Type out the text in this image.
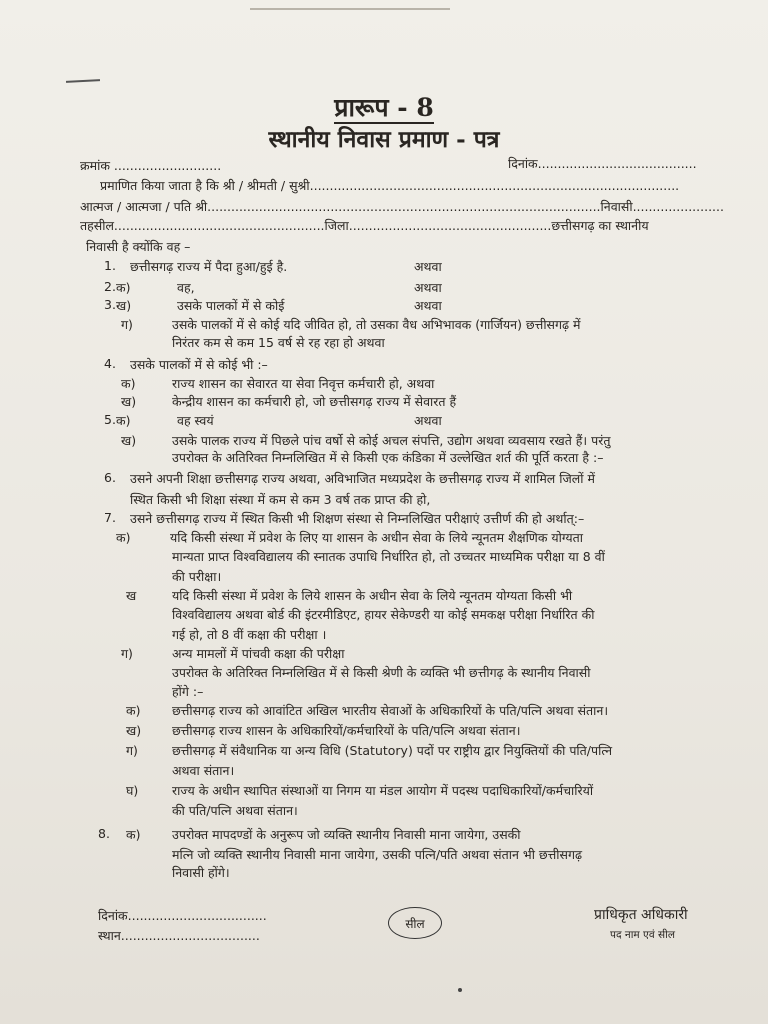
प्रारूप - 8
स्थानीय निवास प्रमाण - पत्र
क्रमांक ...........................	दिनांक........................................
प्रमाणित किया जाता है कि श्री / श्रीमती / सुश्री.............................................................................................
आत्मज / आत्मजा / पति श्री...................................................................................................निवासी.......................
तहसील.....................................................जिला...................................................छत्तीसगढ़ का स्थानीय
निवासी है क्योंकि वह –
1. छत्तीसगढ़ राज्य में पैदा हुआ/हुई है.	अथवा
2. क)	वह,	अथवा
3. ख)	उसके पालकों में से कोई	अथवा
ग)	उसके पालकों में से कोई यदि जीवित हो, तो उसका वैध अभिभावक (गार्जियन) छत्तीसगढ़ में
निरंतर कम से कम 15 वर्ष से रह रहा हो अथवा
4. उसके पालकों में से कोई भी :–
क)	राज्य शासन का सेवारत या सेवा निवृत्त कर्मचारी हो, अथवा
ख)	केन्द्रीय शासन का कर्मचारी हो, जो छत्तीसगढ़ राज्य में सेवारत हैं
5. क)	वह स्वयं	अथवा
ख)	उसके पालक राज्य में पिछले पांच वर्षो से कोई अचल संपत्ति, उद्योग अथवा व्यवसाय रखते हैं। परंतु
उपरोक्त के अतिरिक्त निम्नलिखित में से किसी एक कंडिका में उल्लेखित शर्त की पूर्ति करता है :–
6. उसने अपनी शिक्षा छत्तीसगढ़ राज्य अथवा, अविभाजित मध्यप्रदेश के छत्तीसगढ़ राज्य में शामिल जिलों में
स्थित किसी भी शिक्षा संस्था में कम से कम 3 वर्ष तक प्राप्त की हो,
7. उसने छत्तीसगढ़ राज्य में स्थित किसी भी शिक्षण संस्था से निम्नलिखित परीक्षाएं उत्तीर्ण की हो अर्थात्:–
क)	यदि किसी संस्था में प्रवेश के लिए या शासन के अधीन सेवा के लिये न्यूनतम शैक्षणिक योग्यता
मान्यता प्राप्त विश्वविद्यालय की स्नातक उपाधि निर्धारित हो, तो उच्चतर माध्यमिक परीक्षा या 8 वीं
की परीक्षा।
ख	यदि किसी संस्था में प्रवेश के लिये शासन के अधीन सेवा के लिये न्यूनतम योग्यता किसी भी
विश्वविद्यालय अथवा बोर्ड की इंटरमीडिएट, हायर सेकेण्डरी या कोई समकक्ष परीक्षा निर्धारित की
गई हो, तो 8 वीं कक्षा की परीक्षा ।
ग)	अन्य मामलों में पांचवी कक्षा की परीक्षा
उपरोक्त के अतिरिक्त निम्नलिखित में से किसी श्रेणी के व्यक्ति भी छत्तीगढ़ के स्थानीय निवासी
होंगे :–
क)	छत्तीसगढ़ राज्य को आवांटित अखिल भारतीय सेवाओं के अधिकारियों के पति/पत्नि अथवा संतान।
ख) छत्तीसगढ़ राज्य शासन के अधिकारियों/कर्मचारियों के पति/पत्नि अथवा संतान।
ग)	छत्तीसगढ़ में संवैधानिक या अन्य विधि (Statutory) पदों पर राष्ट्रीय द्वार नियुक्तियों की पति/पत्नि
अथवा संतान।
घ)	राज्य के अधीन स्थापित संस्थाओं या निगम या मंडल आयोग में पदस्थ पदाधिकारियों/कर्मचारियों
की पति/पत्नि अथवा संतान।
8. क)	उपरोक्त मापदण्डों के अनुरूप जो व्यक्ति स्थानीय निवासी माना जायेगा, उसकी
मत्नि जो व्यक्ति स्थानीय निवासी माना जायेगा, उसकी पत्नि/पति अथवा संतान भी छत्तीसगढ़
निवासी होंगे।
दिनांक...................................
स्थान...................................
सील
प्राधिकृत अधिकारी
पद नाम एवं सील
